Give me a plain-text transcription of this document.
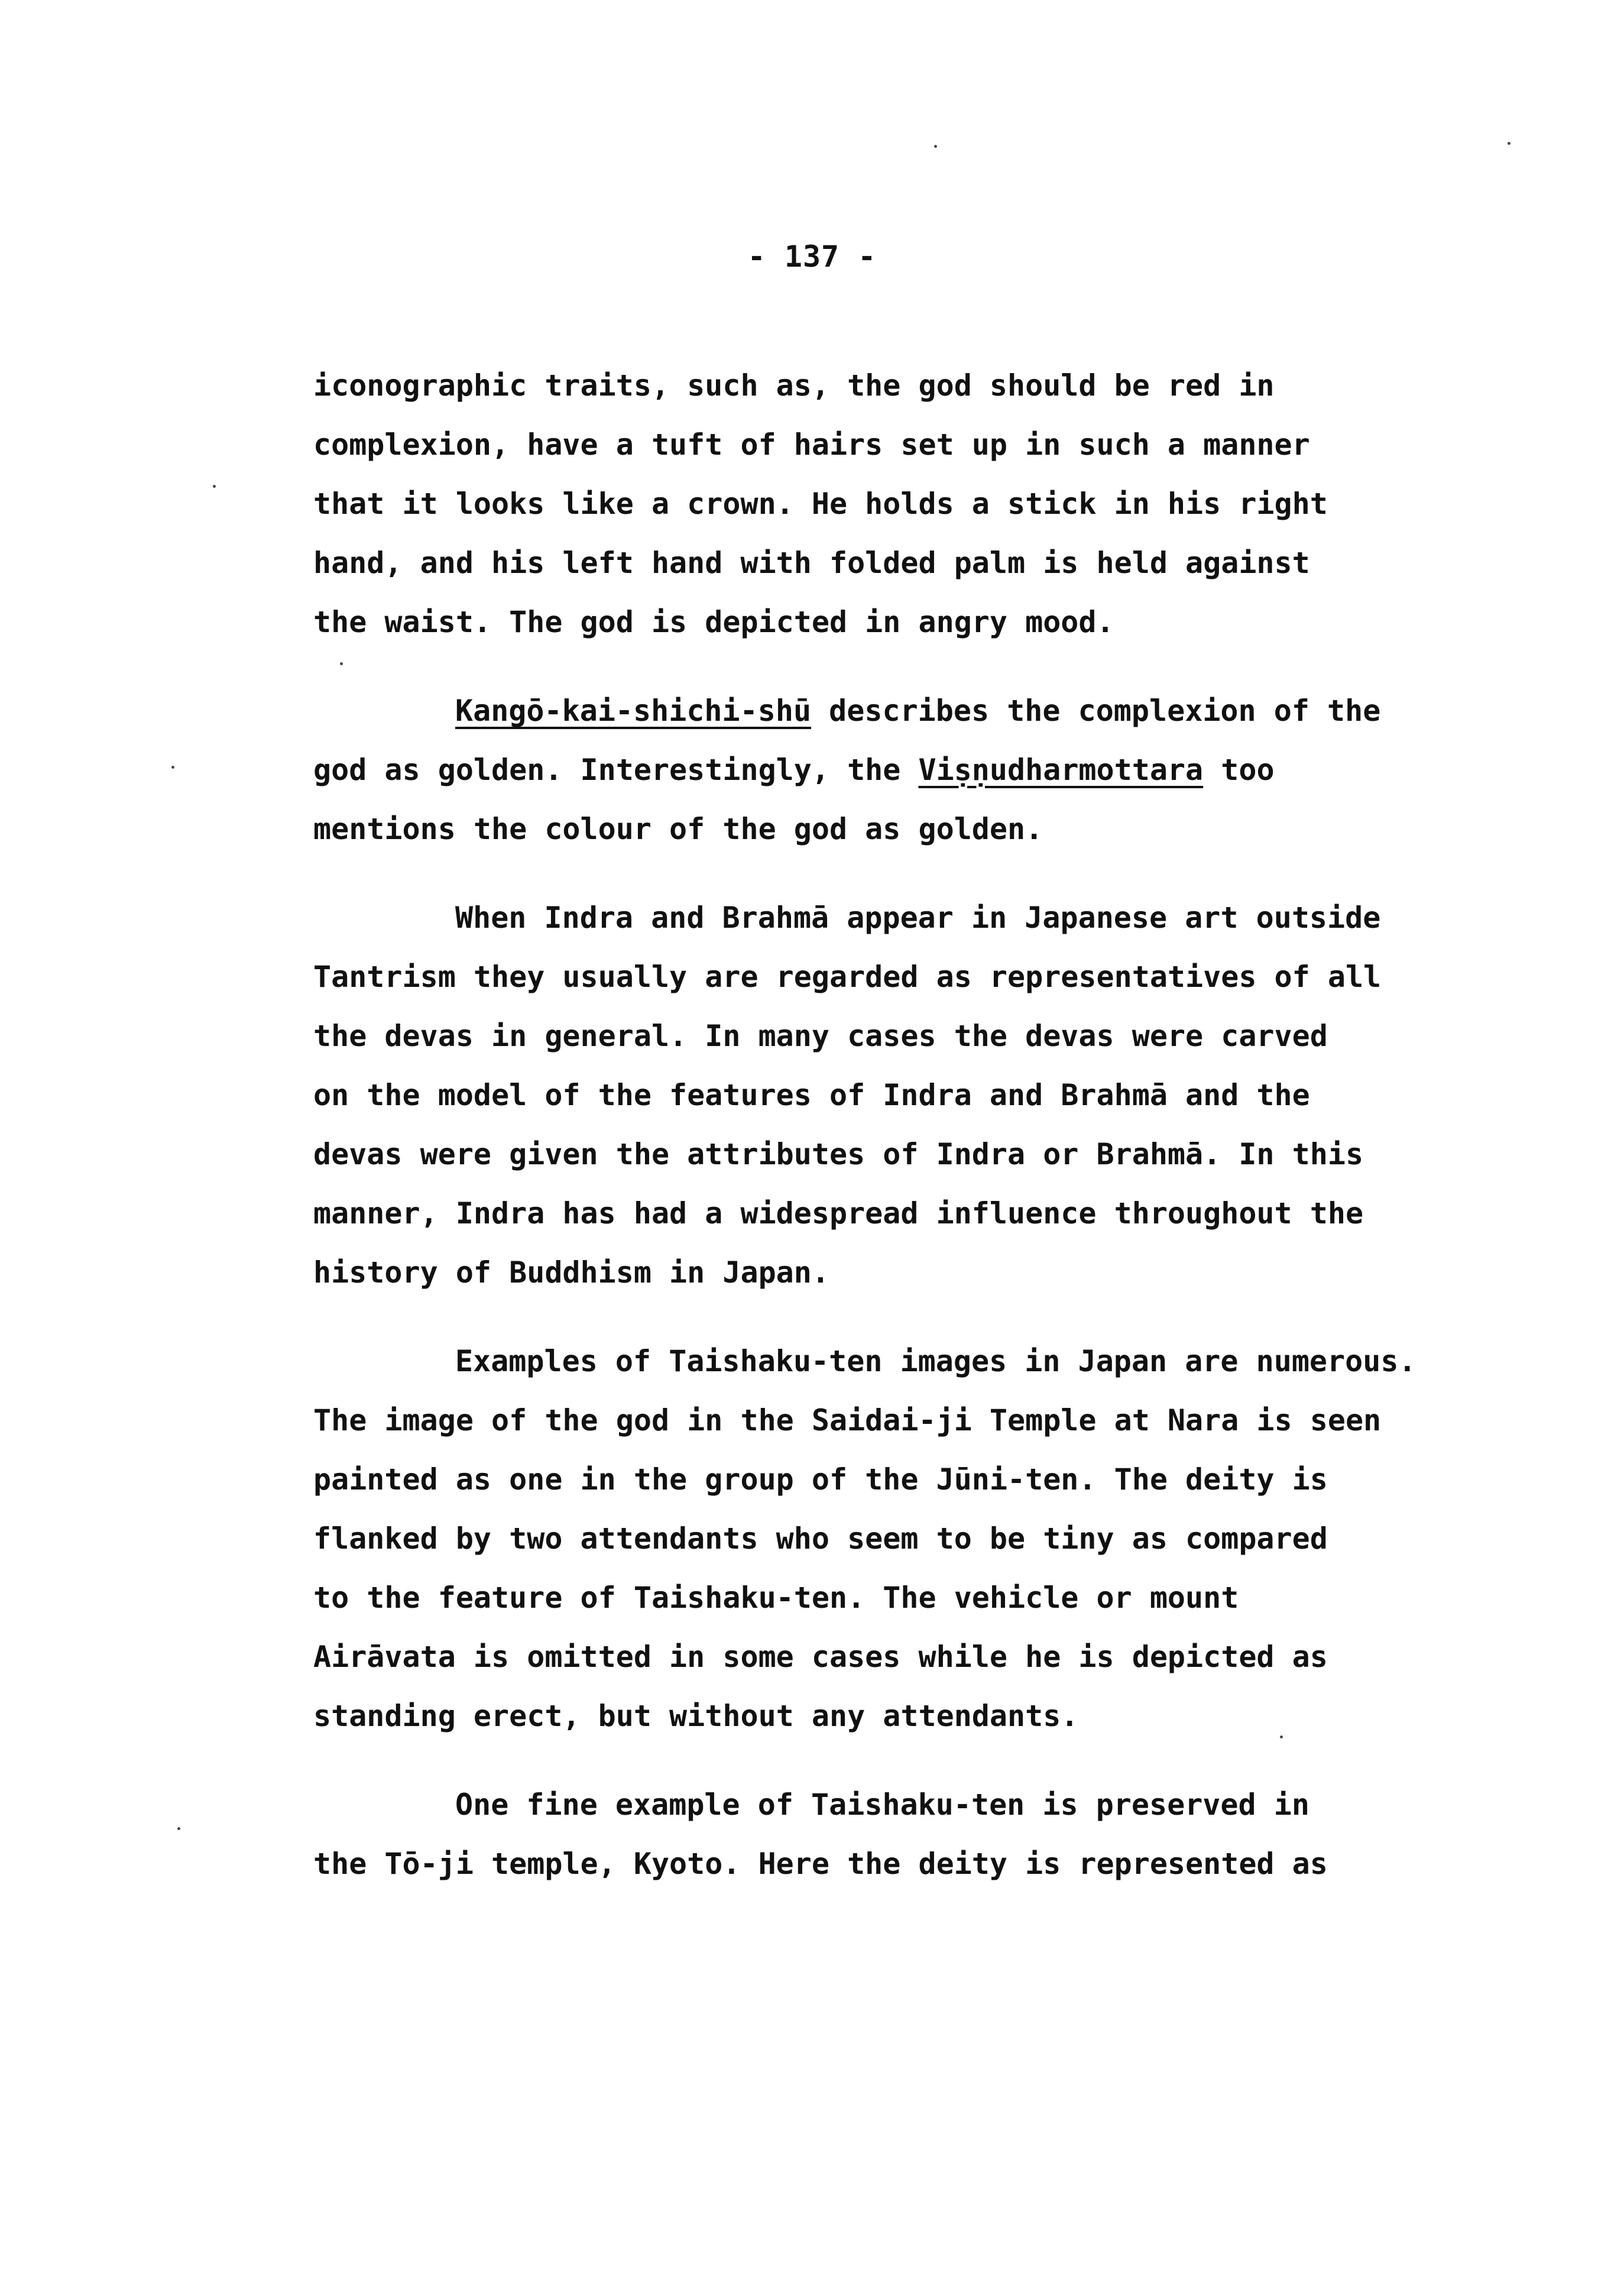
- 137 -
iconographic traits, such as, the god should be red in
complexion, have a tuft of hairs set up in such a manner
that it looks like a crown. He holds a stick in his right
hand, and his left hand with folded palm is held against
the waist. The god is depicted in angry mood.
Kangō-kai-shichi-shū describes the complexion of the
god as golden. Interestingly, the Viṣṇudharmottara too
mentions the colour of the god as golden.
When Indra and Brahmā appear in Japanese art outside
Tantrism they usually are regarded as representatives of all
the devas in general. In many cases the devas were carved
on the model of the features of Indra and Brahmā and the
devas were given the attributes of Indra or Brahmā. In this
manner, Indra has had a widespread influence throughout the
history of Buddhism in Japan.
Examples of Taishaku-ten images in Japan are numerous.
The image of the god in the Saidai-ji Temple at Nara is seen
painted as one in the group of the Jūni-ten. The deity is
flanked by two attendants who seem to be tiny as compared
to the feature of Taishaku-ten. The vehicle or mount
Airāvata is omitted in some cases while he is depicted as
standing erect, but without any attendants.
One fine example of Taishaku-ten is preserved in
the Tō-ji temple, Kyoto. Here the deity is represented as
